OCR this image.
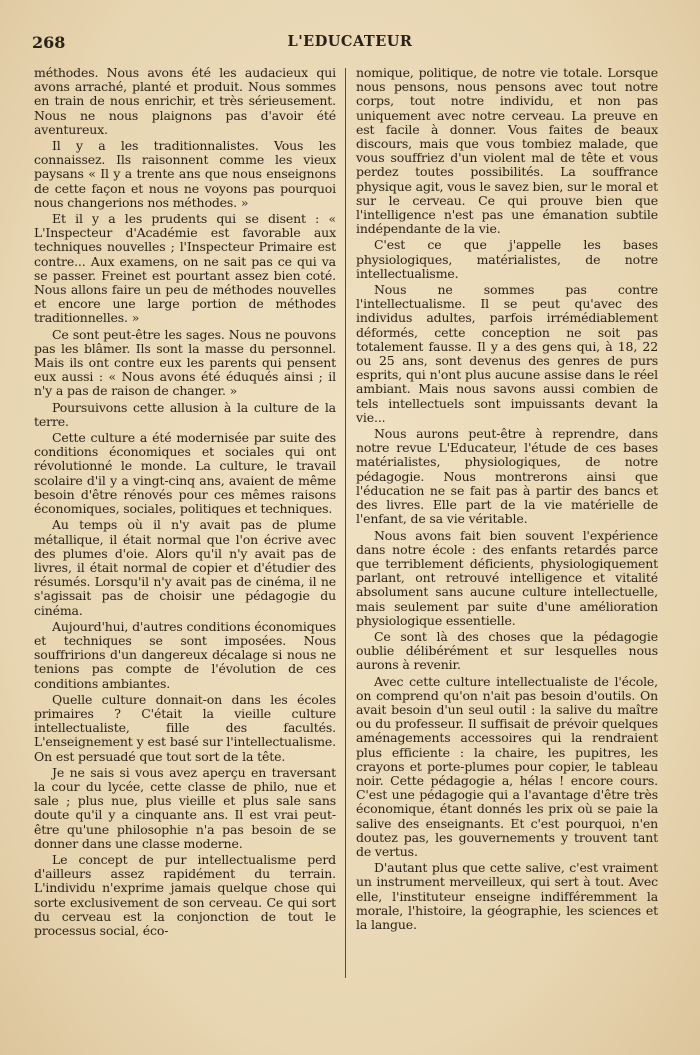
268	L'EDUCATEUR

méthodes. Nous avons été les audacieux qui avons arraché, planté et produit. Nous sommes en train de nous enrichir, et très sérieusement. Nous ne nous plaignons pas d'avoir été aventureux.

Il y a les traditionnalistes. Vous les connaissez. Ils raisonnent comme les vieux paysans « Il y a trente ans que nous enseignons de cette façon et nous ne voyons pas pourquoi nous changerions nos méthodes. »

Et il y a les prudents qui se disent : « L'Inspecteur d'Académie est favorable aux techniques nouvelles ; l'Inspecteur Primaire est contre... Aux examens, on ne sait pas ce qui va se passer. Freinet est pourtant assez bien coté. Nous allons faire un peu de méthodes nouvelles et encore une large portion de méthodes traditionnelles. »

Ce sont peut-être les sages. Nous ne pouvons pas les blâmer. Ils sont la masse du personnel. Mais ils ont contre eux les parents qui pensent eux aussi : « Nous avons été éduqués ainsi ; il n'y a pas de raison de changer. »

Poursuivons cette allusion à la culture de la terre.

Cette culture a été modernisée par suite des conditions économiques et sociales qui ont révolutionné le monde. La culture, le travail scolaire d'il y a vingt-cinq ans, avaient de même besoin d'être rénovés pour ces mêmes raisons économiques, sociales, politiques et techniques.

Au temps où il n'y avait pas de plume métallique, il était normal que l'on écrive avec des plumes d'oie. Alors qu'il n'y avait pas de livres, il était normal de copier et d'étudier des résumés. Lorsqu'il n'y avait pas de cinéma, il ne s'agissait pas de choisir une pédagogie du cinéma.

Aujourd'hui, d'autres conditions économiques et techniques se sont imposées. Nous souffririons d'un dangereux décalage si nous ne tenions pas compte de l'évolution de ces conditions ambiantes.

Quelle culture donnait-on dans les écoles primaires ? C'était la vieille culture intellectualiste, fille des facultés. L'enseignement y est basé sur l'intellectualisme. On est persuadé que tout sort de la tête.

Je ne sais si vous avez aperçu en traversant la cour du lycée, cette classe de philo, nue et sale ; plus nue, plus vieille et plus sale sans doute qu'il y a cinquante ans. Il est vrai peut-être qu'une philosophie n'a pas besoin de se donner dans une classe moderne.

Le concept de pur intellectualisme perd d'ailleurs assez rapidément du terrain. L'individu n'exprime jamais quelque chose qui sorte exclusivement de son cerveau. Ce qui sort du cerveau est la conjonction de tout le processus social, éco-

nomique, politique, de notre vie totale. Lorsque nous pensons, nous pensons avec tout notre corps, tout notre individu, et non pas uniquement avec notre cerveau. La preuve en est facile à donner. Vous faites de beaux discours, mais que vous tombiez malade, que vous souffriez d'un violent mal de tête et vous perdez toutes possibilités. La souffrance physique agit, vous le savez bien, sur le moral et sur le cerveau. Ce qui prouve bien que l'intelligence n'est pas une émanation subtile indépendante de la vie.

C'est ce que j'appelle les bases physiologiques, matérialistes, de notre intellectualisme.

Nous ne sommes pas contre l'intellectualisme. Il se peut qu'avec des individus adultes, parfois irrémédiablement déformés, cette conception ne soit pas totalement fausse. Il y a des gens qui, à 18, 22 ou 25 ans, sont devenus des genres de purs esprits, qui n'ont plus aucune assise dans le réel ambiant. Mais nous savons aussi combien de tels intellectuels sont impuissants devant la vie...

Nous aurons peut-être à reprendre, dans notre revue L'Educateur, l'étude de ces bases matérialistes, physiologiques, de notre pédagogie. Nous montrerons ainsi que l'éducation ne se fait pas à partir des bancs et des livres. Elle part de la vie matérielle de l'enfant, de sa vie véritable.

Nous avons fait bien souvent l'expérience dans notre école : des enfants retardés parce que terriblement déficients, physiologiquement parlant, ont retrouvé intelligence et vitalité absolument sans aucune culture intellectuelle, mais seulement par suite d'une amélioration physiologique essentielle.

Ce sont là des choses que la pédagogie oublie délibérément et sur lesquelles nous aurons à revenir.

Avec cette culture intellectualiste de l'école, on comprend qu'on n'ait pas besoin d'outils. On avait besoin d'un seul outil : la salive du maître ou du professeur. Il suffisait de prévoir quelques aménagements accessoires qui la rendraient plus efficiente : la chaire, les pupitres, les crayons et porte-plumes pour copier, le tableau noir. Cette pédagogie a, hélas ! encore cours. C'est une pédagogie qui a l'avantage d'être très économique, étant donnés les prix où se paie la salive des enseignants. Et c'est pourquoi, n'en doutez pas, les gouvernements y trouvent tant de vertus.

D'autant plus que cette salive, c'est vraiment un instrument merveilleux, qui sert à tout. Avec elle, l'instituteur enseigne indifféremment la morale, l'histoire, la géographie, les sciences et la langue.
